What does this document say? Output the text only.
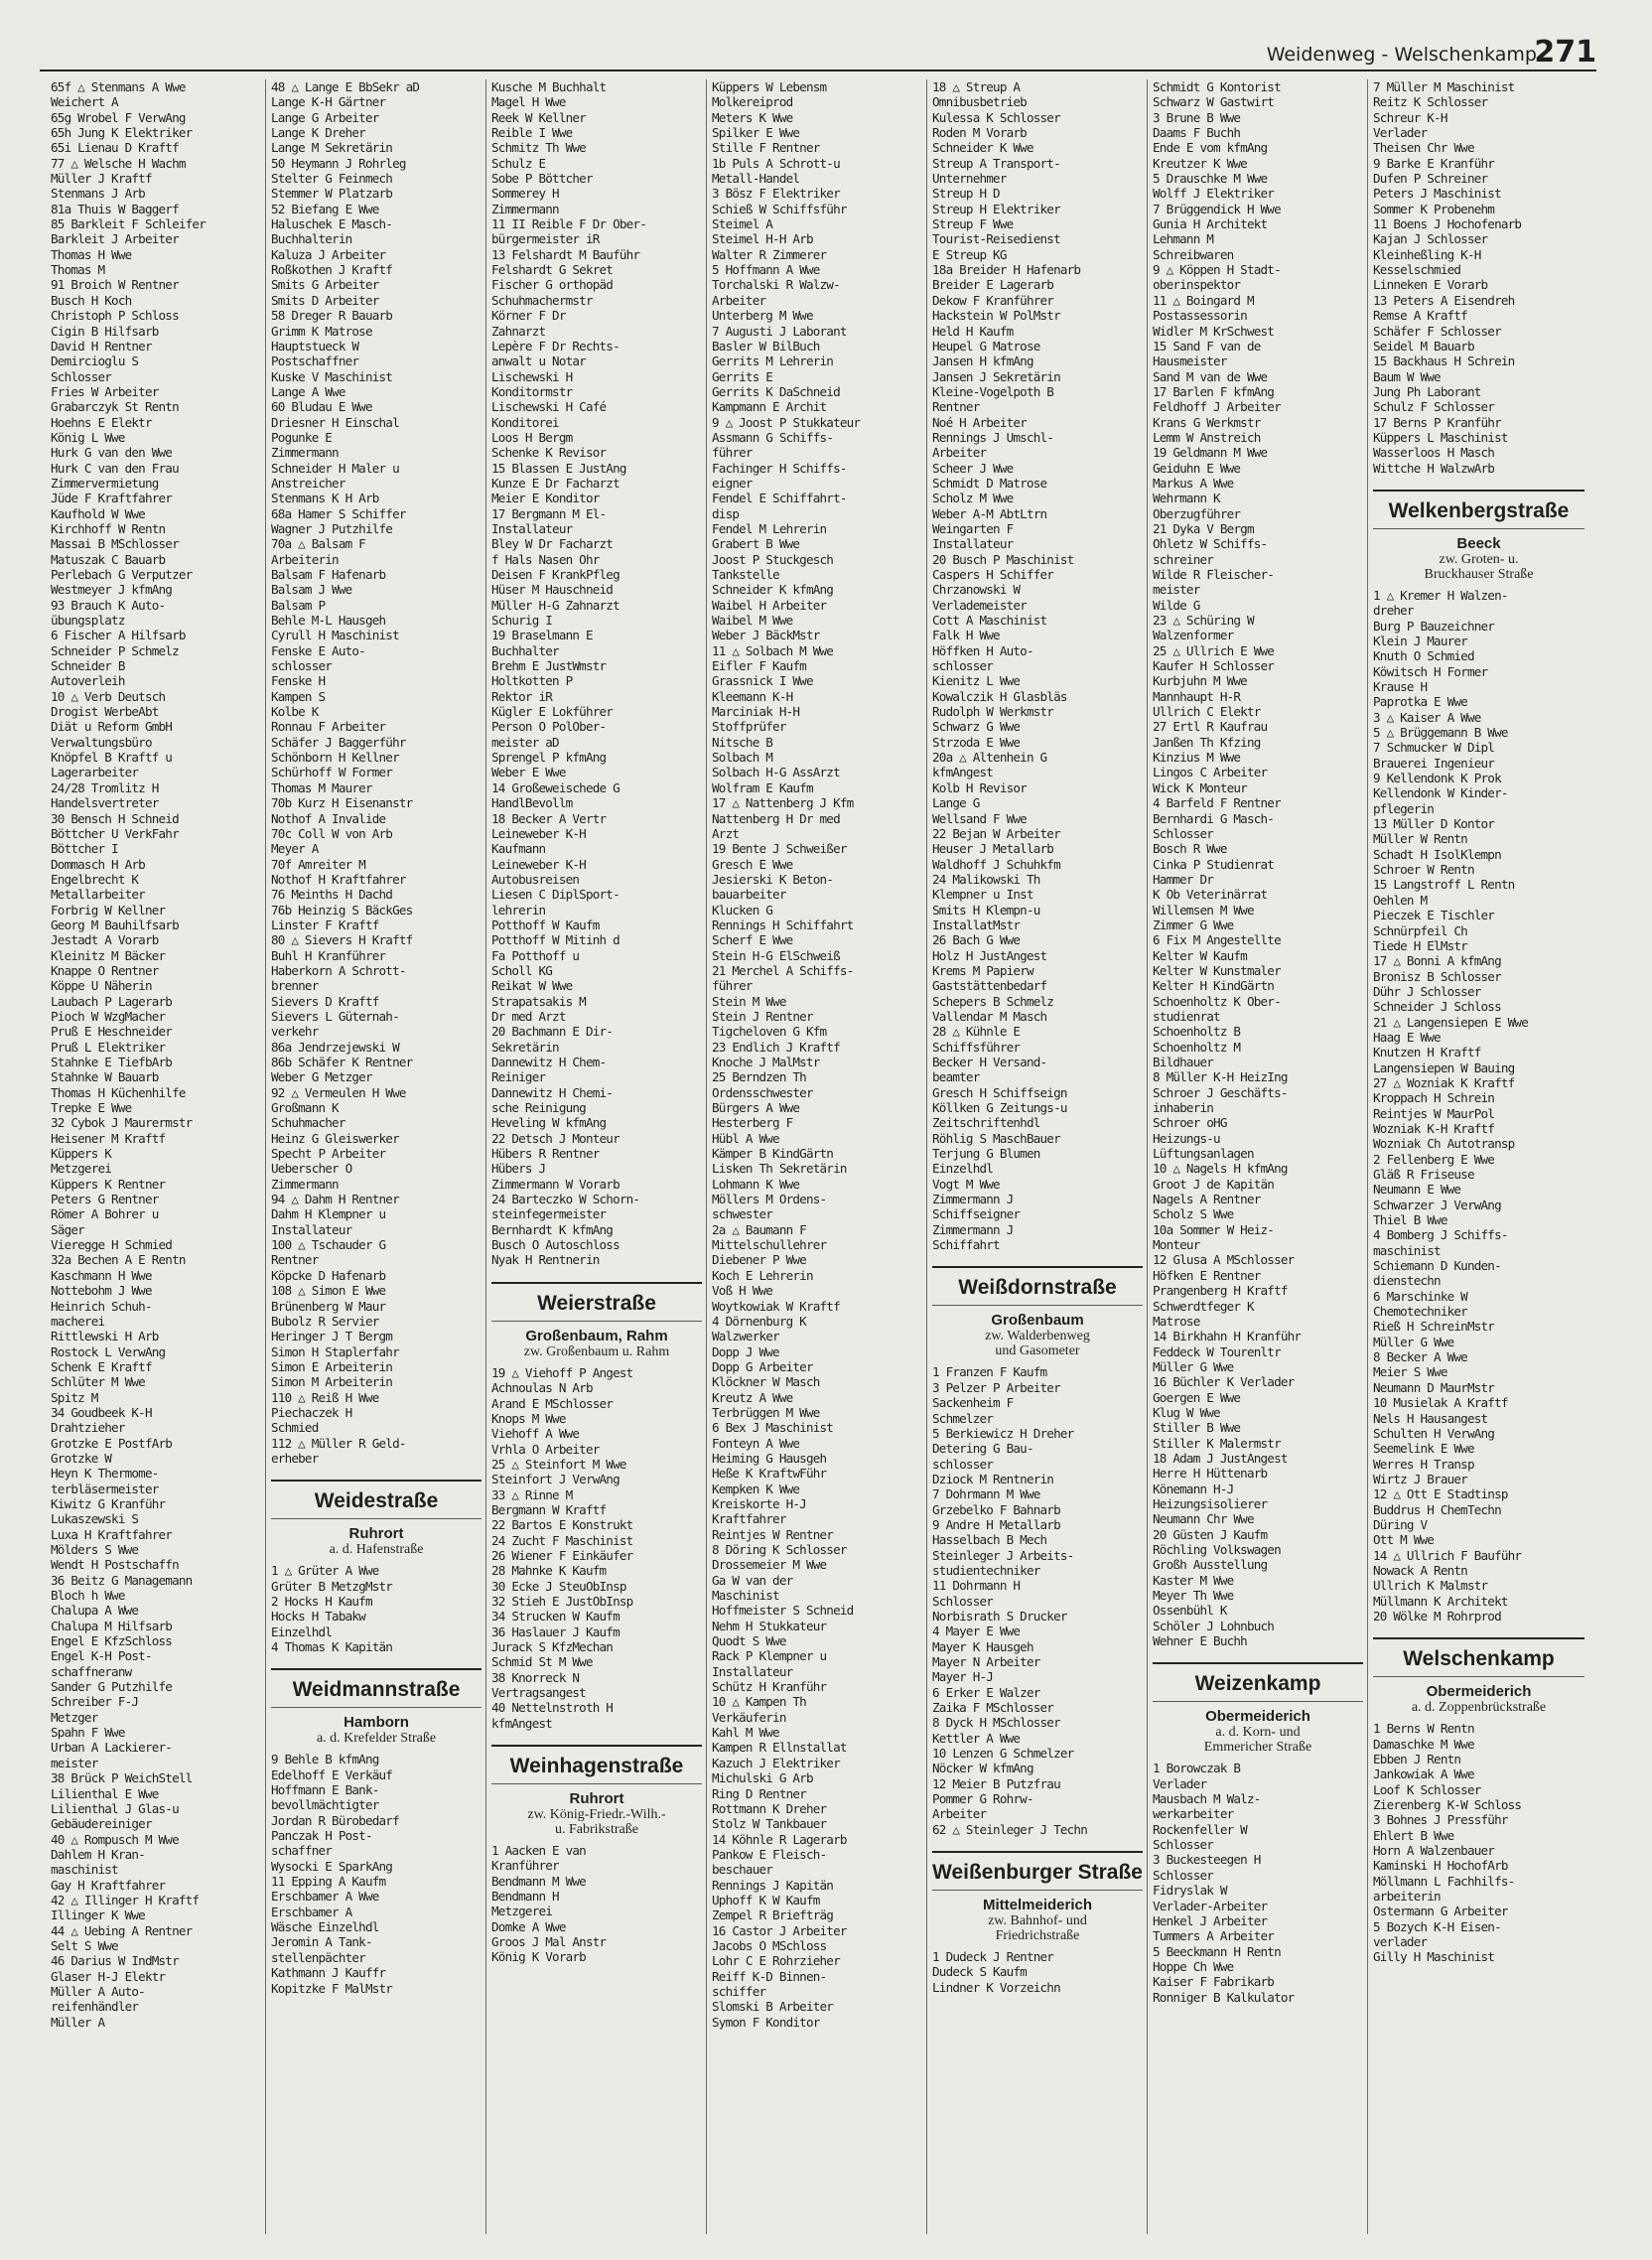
Weidenweg - Welschenkamp
271
65f △ Stenmans A Wwe
Weichert A
65g Wrobel F VerwAng
65h Jung K Elektriker
65i Lienau D Kraftf
77 △ Welsche H Wachm
Müller J Kraftf
Stenmans J Arb
81a Thuis W Baggerf
85 Barkleit F Schleifer
Barkleit J Arbeiter
Thomas H Wwe
Thomas M
91 Broich W Rentner
Busch H Koch
Christoph P Schloss
Cigin B Hilfsarb
David H Rentner
Demircioglu S
Schlosser
Fries W Arbeiter
Grabarczyk St Rentn
Hoehns E Elektr
König L Wwe
Hurk G van den Wwe
Hurk C van den Frau
Zimmervermietung
Jüde F Kraftfahrer
Kaufhold W Wwe
Kirchhoff W Rentn
Massai B MSchlosser
Matuszak C Bauarb
Perlebach G Verputzer
Westmeyer J kfmAng
93 Brauch K Auto-
übungsplatz
6 Fischer A Hilfsarb
Schneider P Schmelz
Schneider B
Autoverleih
10 △ Verb Deutsch
Drogist WerbeAbt
Diät u Reform GmbH
Verwaltungsbüro
Knöpfel B Kraftf u
Lagerarbeiter
24/28 Tromlitz H
Handelsvertreter
30 Bensch H Schneid
Böttcher U VerkFahr
Böttcher I
Dommasch H Arb
Engelbrecht K
Metallarbeiter
Forbrig W Kellner
Georg M Bauhilfsarb
Jestadt A Vorarb
Kleinitz M Bäcker
Knappe O Rentner
Köppe U Näherin
Laubach P Lagerarb
Pioch W WzgMacher
Pruß E Heschneider
Pruß L Elektriker
Stahnke E TiefbArb
Stahnke W Bauarb
Thomas H Küchenhilfe
Trepke E Wwe
32 Cybok J Maurermstr
Heisener M Kraftf
Küppers K
Metzgerei
Küppers K Rentner
Peters G Rentner
Römer A Bohrer u
Säger
Vieregge H Schmied
32a Bechen A E Rentn
Kaschmann H Wwe
Nottebohm J Wwe
Heinrich Schuh-
macherei
Rittlewski H Arb
Rostock L VerwAng
Schenk E Kraftf
Schlüter M Wwe
Spitz M
34 Goudbeek K-H
Drahtzieher
Grotzke E PostfArb
Grotzke W
Heyn K Thermome-
terbläsermeister
Kiwitz G Kranführ
Lukaszewski S
Luxa H Kraftfahrer
Mölders S Wwe
Wendt H Postschaffn
36 Beitz G Managemann
Bloch h Wwe
Chalupa A Wwe
Chalupa M Hilfsarb
Engel E KfzSchloss
Engel K-H Post-
schaffneranw
Sander G Putzhilfe
Schreiber F-J
Metzger
Spahn F Wwe
Urban A Lackierer-
meister
38 Brück P WeichStell
Lilienthal E Wwe
Lilienthal J Glas-u
Gebäudereiniger
40 △ Rompusch M Wwe
Dahlem H Kran-
maschinist
Gay H Kraftfahrer
42 △ Illinger H Kraftf
Illinger K Wwe
44 △ Uebing A Rentner
Selt S Wwe
46 Darius W IndMstr
Glaser H-J Elektr
Müller A Auto-
reifenhändler
Müller A
48 △ Lange E BbSekr aD
Lange K-H Gärtner
Lange G Arbeiter
Lange K Dreher
Lange M Sekretärin
50 Heymann J Rohrleg
Stelter G Feinmech
Stemmer W Platzarb
52 Biefang E Wwe
Haluschek E Masch-
Buchhalterin
Kaluza J Arbeiter
Roßkothen J Kraftf
Smits G Arbeiter
Smits D Arbeiter
58 Dreger R Bauarb
Grimm K Matrose
Hauptstueck W
Postschaffner
Kuske V Maschinist
Lange A Wwe
60 Bludau E Wwe
Driesner H Einschal
Pogunke E
Zimmermann
Schneider H Maler u
Anstreicher
Stenmans K H Arb
68a Hamer S Schiffer
Wagner J Putzhilfe
70a △ Balsam F
Arbeiterin
Balsam F Hafenarb
Balsam J Wwe
Balsam P
Behle M-L Hausgeh
Cyrull H Maschinist
Fenske E Auto-
schlosser
Fenske H
Kampen S
Kolbe K
Ronnau F Arbeiter
Schäfer J Baggerführ
Schönborn H Kellner
Schürhoff W Former
Thomas M Maurer
70b Kurz H Eisenanstr
Nothof A Invalide
70c Coll W von Arb
Meyer A
70f Amreiter M
Nothof H Kraftfahrer
76 Meinths H Dachd
76b Heinzig S BäckGes
Linster F Kraftf
80 △ Sievers H Kraftf
Buhl H Kranführer
Haberkorn A Schrott-
brenner
Sievers D Kraftf
Sievers L Güternah-
verkehr
86a Jendrzejewski W
86b Schäfer K Rentner
Weber G Metzger
92 △ Vermeulen H Wwe
Großmann K
Schuhmacher
Heinz G Gleiswerker
Specht P Arbeiter
Ueberscher O
Zimmermann
94 △ Dahm H Rentner
Dahm H Klempner u
Installateur
100 △ Tschauder G
Rentner
Köpcke D Hafenarb
108 △ Simon E Wwe
Brünenberg W Maur
Bubolz R Servier
Heringer J T Bergm
Simon H Staplerfahr
Simon E Arbeiterin
Simon M Arbeiterin
110 △ Reiß H Wwe
Piechaczek H
Schmied
112 △ Müller R Geld-
erheber
Weidestraße
Ruhrort
a. d. Hafenstraße
1 △ Grüter A Wwe
Grüter B MetzgMstr
2 Hocks H Kaufm
Hocks H Tabakw
Einzelhdl
4 Thomas K Kapitän
Weidmannstraße
Hamborn
a. d. Krefelder Straße
9 Behle B kfmAng
Edelhoff E Verkäuf
Hoffmann E Bank-
bevollmächtigter
Jordan R Bürobedarf
Panczak H Post-
schaffner
Wysocki E SparkAng
11 Epping A Kaufm
Erschbamer A Wwe
Erschbamer A
Wäsche Einzelhdl
Jeromin A Tank-
stellenpächter
Kathmann J Kauffr
Kopitzke F MalMstr
Kusche M Buchhalt
Magel H Wwe
Reek W Kellner
Reible I Wwe
Schmitz Th Wwe
Schulz E
Sobe P Böttcher
Sommerey H
Zimmermann
11 II Reible F Dr Ober-
bürgermeister iR
13 Felshardt M Bauführ
Felshardt G Sekret
Fischer G orthopäd
Schuhmachermstr
Körner F Dr
Zahnarzt
Lepère F Dr Rechts-
anwalt u Notar
Lischewski H
Konditormstr
Lischewski H Café
Konditorei
Loos H Bergm
Schenke K Revisor
15 Blassen E JustAng
Kunze E Dr Facharzt
Meier E Konditor
17 Bergmann M El-
Installateur
Bley W Dr Facharzt
f Hals Nasen Ohr
Deisen F KrankPfleg
Hüser M Hauschneid
Müller H-G Zahnarzt
Schurig I
19 Braselmann E
Buchhalter
Brehm E JustWmstr
Holtkotten P
Rektor iR
Kügler E Lokführer
Person O PolOber-
meister aD
Sprengel P kfmAng
Weber E Wwe
14 Großeweischede G
HandlBevollm
18 Becker A Vertr
Leineweber K-H
Kaufmann
Leineweber K-H
Autobusreisen
Liesen C DiplSport-
lehrerin
Potthoff W Kaufm
Potthoff W Mitinh d
Fa Potthoff u
Scholl KG
Reikat W Wwe
Strapatsakis M
Dr med Arzt
20 Bachmann E Dir-
Sekretärin
Dannewitz H Chem-
Reiniger
Dannewitz H Chemi-
sche Reinigung
Heveling W kfmAng
22 Detsch J Monteur
Hübers R Rentner
Hübers J
Zimmermann W Vorarb
24 Barteczko W Schorn-
steinfegermeister
Bernhardt K kfmAng
Busch O Autoschloss
Nyak H Rentnerin
Weierstraße
Großenbaum, Rahm
zw. Großenbaum u. Rahm
19 △ Viehoff P Angest
Achnoulas N Arb
Arand E MSchlosser
Knops M Wwe
Viehoff A Wwe
Vrhla O Arbeiter
25 △ Steinfort M Wwe
Steinfort J VerwAng
33 △ Rinne M
Bergmann W Kraftf
22 Bartos E Konstrukt
24 Zucht F Maschinist
26 Wiener F Einkäufer
28 Mahnke K Kaufm
30 Ecke J SteuObInsp
32 Stieh E JustObInsp
34 Strucken W Kaufm
36 Haslauer J Kaufm
Jurack S KfzMechan
Schmid St M Wwe
38 Knorreck N
Vertragsangest
40 Nettelnstroth H
kfmAngest
Weinhagenstraße
Ruhrort
zw. König-Friedr.-Wilh.-
u. Fabrikstraße
1 Aacken E van
Kranführer
Bendmann M Wwe
Bendmann H
Metzgerei
Domke A Wwe
Groos J Mal Anstr
König K Vorarb
Küppers W Lebensm
Molkereiprod
Meters K Wwe
Spilker E Wwe
Stille F Rentner
1b Puls A Schrott-u
Metall-Handel
3 Bösz F Elektriker
Schieß W Schiffsführ
Steimel A
Steimel H-H Arb
Walter R Zimmerer
5 Hoffmann A Wwe
Torchalski R Walzw-
Arbeiter
Unterberg M Wwe
7 Augusti J Laborant
Basler W BilBuch
Gerrits M Lehrerin
Gerrits E
Gerrits K DaSchneid
Kampmann E Archit
9 △ Joost P Stukkateur
Assmann G Schiffs-
führer
Fachinger H Schiffs-
eigner
Fendel E Schiffahrt-
disp
Fendel M Lehrerin
Grabert B Wwe
Joost P Stuckgesch
Tankstelle
Schneider K kfmAng
Waibel H Arbeiter
Waibel M Wwe
Weber J BäckMstr
11 △ Solbach M Wwe
Eifler F Kaufm
Grassnick I Wwe
Kleemann K-H
Marciniak H-H
Stoffprüfer
Nitsche B
Solbach M
Solbach H-G AssArzt
Wolfram E Kaufm
17 △ Nattenberg J Kfm
Nattenberg H Dr med
Arzt
19 Bente J Schweißer
Gresch E Wwe
Jesierski K Beton-
bauarbeiter
Klucken G
Rennings H Schiffahrt
Scherf E Wwe
Stein H-G ElSchweiß
21 Merchel A Schiffs-
führer
Stein M Wwe
Stein J Rentner
Tigcheloven G Kfm
23 Endlich J Kraftf
Knoche J MalMstr
25 Berndzen Th
Ordensschwester
Bürgers A Wwe
Hesterberg F
Hübl A Wwe
Kämper B KindGärtn
Lisken Th Sekretärin
Lohmann K Wwe
Möllers M Ordens-
schwester
2a △ Baumann F
Mittelschullehrer
Diebener P Wwe
Koch E Lehrerin
Voß H Wwe
Woytkowiak W Kraftf
4 Dörnenburg K
Walzwerker
Dopp J Wwe
Dopp G Arbeiter
Klöckner W Masch
Kreutz A Wwe
Terbrüggen M Wwe
6 Bex J Maschinist
Fonteyn A Wwe
Heiming G Hausgeh
Heße K KraftwFühr
Kempken K Wwe
Kreiskorte H-J
Kraftfahrer
Reintjes W Rentner
8 Döring K Schlosser
Drossemeier M Wwe
Ga W van der
Maschinist
Hoffmeister S Schneid
Nehm H Stukkateur
Quodt S Wwe
Rack P Klempner u
Installateur
Schütz H Kranführ
10 △ Kampen Th
Verkäuferin
Kahl M Wwe
Kampen R Ellnstallat
Kazuch J Elektriker
Michulski G Arb
Ring D Rentner
Rottmann K Dreher
Stolz W Tankbauer
14 Köhnle R Lagerarb
Pankow E Fleisch-
beschauer
Rennings J Kapitän
Uphoff K W Kaufm
Zempel R Briefträg
16 Castor J Arbeiter
Jacobs O MSchloss
Lohr C E Rohrzieher
Reiff K-D Binnen-
schiffer
Slomski B Arbeiter
Symon F Konditor
18 △ Streup A
Omnibusbetrieb
Kulessa K Schlosser
Roden M Vorarb
Schneider K Wwe
Streup A Transport-
Unternehmer
Streup H D
Streup H Elektriker
Streup F Wwe
Tourist-Reisedienst
E Streup KG
18a Breider H Hafenarb
Breider E Lagerarb
Dekow F Kranführer
Hackstein W PolMstr
Held H Kaufm
Heupel G Matrose
Jansen H kfmAng
Jansen J Sekretärin
Kleine-Vogelpoth B
Rentner
Noé H Arbeiter
Rennings J Umschl-
Arbeiter
Scheer J Wwe
Schmidt D Matrose
Scholz M Wwe
Weber A-M AbtLtrn
Weingarten F
Installateur
20 Busch P Maschinist
Caspers H Schiffer
Chrzanowski W
Verlademeister
Cott A Maschinist
Falk H Wwe
Höffken H Auto-
schlosser
Kienitz L Wwe
Kowalczik H Glasbläs
Rudolph W Werkmstr
Schwarz G Wwe
Strzoda E Wwe
20a △ Altenhein G
kfmAngest
Kolb H Revisor
Lange G
Wellsand F Wwe
22 Bejan W Arbeiter
Heuser J Metallarb
Waldhoff J Schuhkfm
24 Malikowski Th
Klempner u Inst
Smits H Klempn-u
InstallatMstr
26 Bach G Wwe
Holz H JustAngest
Krems M Papierw
Gaststättenbedarf
Schepers B Schmelz
Vallendar M Masch
28 △ Kühnle E
Schiffsführer
Becker H Versand-
beamter
Gresch H Schiffseign
Köllken G Zeitungs-u
Zeitschriftenhdl
Röhlig S MaschBauer
Terjung G Blumen
Einzelhdl
Vogt M Wwe
Zimmermann J
Schiffseigner
Zimmermann J
Schiffahrt
Weißdornstraße
Großenbaum
zw. Walderbenweg
und Gasometer
1 Franzen F Kaufm
3 Pelzer P Arbeiter
Sackenheim F
Schmelzer
5 Berkiewicz H Dreher
Detering G Bau-
schlosser
Dziock M Rentnerin
7 Dohrmann M Wwe
Grzebelko F Bahnarb
9 Andre H Metallarb
Hasselbach B Mech
Steinleger J Arbeits-
studientechniker
11 Dohrmann H
Schlosser
Norbisrath S Drucker
4 Mayer E Wwe
Mayer K Hausgeh
Mayer N Arbeiter
Mayer H-J
6 Erker E Walzer
Zaika F MSchlosser
8 Dyck H MSchlosser
Kettler A Wwe
10 Lenzen G Schmelzer
Nöcker W kfmAng
12 Meier B Putzfrau
Pommer G Rohrw-
Arbeiter
62 △ Steinleger J Techn
Weißenburger Straße
Mittelmeiderich
zw. Bahnhof- und
Friedrichstraße
1 Dudeck J Rentner
Dudeck S Kaufm
Lindner K Vorzeichn
Schmidt G Kontorist
Schwarz W Gastwirt
3 Brune B Wwe
Daams F Buchh
Ende E vom kfmAng
Kreutzer K Wwe
5 Drauschke M Wwe
Wolff J Elektriker
7 Brüggendick H Wwe
Gunia H Architekt
Lehmann M
Schreibwaren
9 △ Köppen H Stadt-
oberinspektor
11 △ Boingard M
Postassessorin
Widler M KrSchwest
15 Sand F van de
Hausmeister
Sand M van de Wwe
17 Barlen F kfmAng
Feldhoff J Arbeiter
Krans G Werkmstr
Lemm W Anstreich
19 Geldmann M Wwe
Geiduhn E Wwe
Markus A Wwe
Wehrmann K
Oberzugführer
21 Dyka V Bergm
Ohletz W Schiffs-
schreiner
Wilde R Fleischer-
meister
Wilde G
23 △ Schüring W
Walzenformer
25 △ Ullrich E Wwe
Kaufer H Schlosser
Kurbjuhn M Wwe
Mannhaupt H-R
Ullrich C Elektr
27 Ertl R Kaufrau
Janßen Th Kfzing
Kinzius M Wwe
Lingos C Arbeiter
Wick K Monteur
4 Barfeld F Rentner
Bernhardi G Masch-
Schlosser
Bosch R Wwe
Cinka P Studienrat
Hammer Dr
K Ob Veterinärrat
Willemsen M Wwe
Zimmer G Wwe
6 Fix M Angestellte
Kelter W Kaufm
Kelter W Kunstmaler
Kelter H KindGärtn
Schoenholtz K Ober-
studienrat
Schoenholtz B
Schoenholtz M
Bildhauer
8 Müller K-H HeizIng
Schroer J Geschäfts-
inhaberin
Schroer oHG
Heizungs-u
Lüftungsanlagen
10 △ Nagels H kfmAng
Groot J de Kapitän
Nagels A Rentner
Scholz S Wwe
10a Sommer W Heiz-
Monteur
12 Glusa A MSchlosser
Höfken E Rentner
Prangenberg H Kraftf
Schwerdtfeger K
Matrose
14 Birkhahn H Kranführ
Feddeck W Tourenltr
Müller G Wwe
16 Büchler K Verlader
Goergen E Wwe
Klug W Wwe
Stiller B Wwe
Stiller K Malermstr
18 Adam J JustAngest
Herre H Hüttenarb
Könemann H-J
Heizungsisolierer
Neumann Chr Wwe
20 Güsten J Kaufm
Röchling Volkswagen
Großh Ausstellung
Kaster M Wwe
Meyer Th Wwe
Ossenbühl K
Schöler J Lohnbuch
Wehner E Buchh
Weizenkamp
Obermeiderich
a. d. Korn- und
Emmericher Straße
1 Borowczak B
Verlader
Mausbach M Walz-
werkarbeiter
Rockenfeller W
Schlosser
3 Buckesteegen H
Schlosser
Fidryslak W
Verlader-Arbeiter
Henkel J Arbeiter
Tummers A Arbeiter
5 Beeckmann H Rentn
Hoppe Ch Wwe
Kaiser F Fabrikarb
Ronniger B Kalkulator
7 Müller M Maschinist
Reitz K Schlosser
Schreur K-H
Verlader
Theisen Chr Wwe
9 Barke E Kranführ
Dufen P Schreiner
Peters J Maschinist
Sommer K Probenehm
11 Boens J Hochofenarb
Kajan J Schlosser
Kleinheßling K-H
Kesselschmied
Linneken E Vorarb
13 Peters A Eisendreh
Remse A Kraftf
Schäfer F Schlosser
Seidel M Bauarb
15 Backhaus H Schrein
Baum W Wwe
Jung Ph Laborant
Schulz F Schlosser
17 Berns P Kranführ
Küppers L Maschinist
Wasserloos H Masch
Wittche H WalzwArb
Welkenbergstraße
Beeck
zw. Groten- u.
Bruckhauser Straße
1 △ Kremer H Walzen-
dreher
Burg P Bauzeichner
Klein J Maurer
Knuth O Schmied
Köwitsch H Former
Krause H
Paprotka E Wwe
3 △ Kaiser A Wwe
5 △ Brüggemann B Wwe
7 Schmucker W Dipl
Brauerei Ingenieur
9 Kellendonk K Prok
Kellendonk W Kinder-
pflegerin
13 Müller D Kontor
Müller W Rentn
Schadt H IsolKlempn
Schroer W Rentn
15 Langstroff L Rentn
Oehlen M
Pieczek E Tischler
Schnürpfeil Ch
Tiede H ElMstr
17 △ Bonni A kfmAng
Bronisz B Schlosser
Dühr J Schlosser
Schneider J Schloss
21 △ Langensiepen E Wwe
Haag E Wwe
Knutzen H Kraftf
Langensiepen W Bauing
27 △ Wozniak K Kraftf
Kroppach H Schrein
Reintjes W MaurPol
Wozniak K-H Kraftf
Wozniak Ch Autotransp
2 Fellenberg E Wwe
Gläß R Friseuse
Neumann E Wwe
Schwarzer J VerwAng
Thiel B Wwe
4 Bomberg J Schiffs-
maschinist
Schiemann D Kunden-
dienstechn
6 Marschinke W
Chemotechniker
Rieß H SchreinMstr
Müller G Wwe
8 Becker A Wwe
Meier S Wwe
Neumann D MaurMstr
10 Musielak A Kraftf
Nels H Hausangest
Schulten H VerwAng
Seemelink E Wwe
Werres H Transp
Wirtz J Brauer
12 △ Ott E Stadtinsp
Buddrus H ChemTechn
Düring V
Ott M Wwe
14 △ Ullrich F Bauführ
Nowack A Rentn
Ullrich K Malmstr
Müllmann K Architekt
20 Wölke M Rohrprod
Welschenkamp
Obermeiderich
a. d. Zoppenbrückstraße
1 Berns W Rentn
Damaschke M Wwe
Ebben J Rentn
Jankowiak A Wwe
Loof K Schlosser
Zierenberg K-W Schloss
3 Bohnes J Pressführ
Ehlert B Wwe
Horn A Walzenbauer
Kaminski H HochofArb
Möllmann L Fachhilfs-
arbeiterin
Ostermann G Arbeiter
5 Bozych K-H Eisen-
verlader
Gilly H Maschinist
